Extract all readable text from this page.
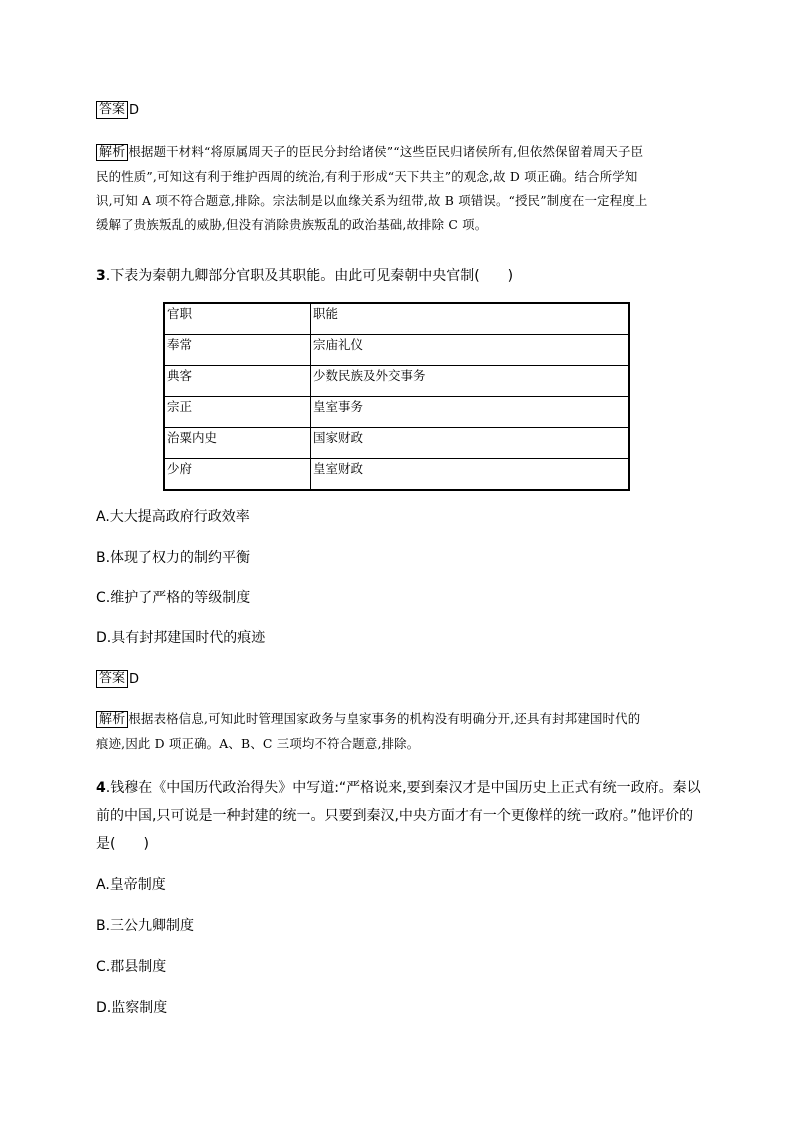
答案 D
解析 根据题干材料“将原属周天子的臣民分封给诸侯”“这些臣民归诸侯所有,但依然保留着周天子臣
民的性质”,可知这有利于维护西周的统治,有利于形成“天下共主”的观念,故 D 项正确。结合所学知
识,可知 A 项不符合题意,排除。宗法制是以血缘关系为纽带,故 B 项错误。“授民”制度在一定程度上
缓解了贵族叛乱的威胁,但没有消除贵族叛乱的政治基础,故排除 C 项。
3.下表为秦朝九卿部分官职及其职能。由此可见秦朝中央官制(　　)
官职	职能
奉常	宗庙礼仪
典客	少数民族及外交事务
宗正	皇室事务
治粟内史	国家财政
少府	皇室财政
A.大大提高政府行政效率
B.体现了权力的制约平衡
C.维护了严格的等级制度
D.具有封邦建国时代的痕迹
答案 D
解析 根据表格信息,可知此时管理国家政务与皇家事务的机构没有明确分开,还具有封邦建国时代的
痕迹,因此 D 项正确。A、B、C 三项均不符合题意,排除。
4.钱穆在《中国历代政治得失》中写道:“严格说来,要到秦汉才是中国历史上正式有统一政府。秦以
前的中国,只可说是一种封建的统一。只要到秦汉,中央方面才有一个更像样的统一政府。”他评价的
是(　　)
A.皇帝制度
B.三公九卿制度
C.郡县制度
D.监察制度
